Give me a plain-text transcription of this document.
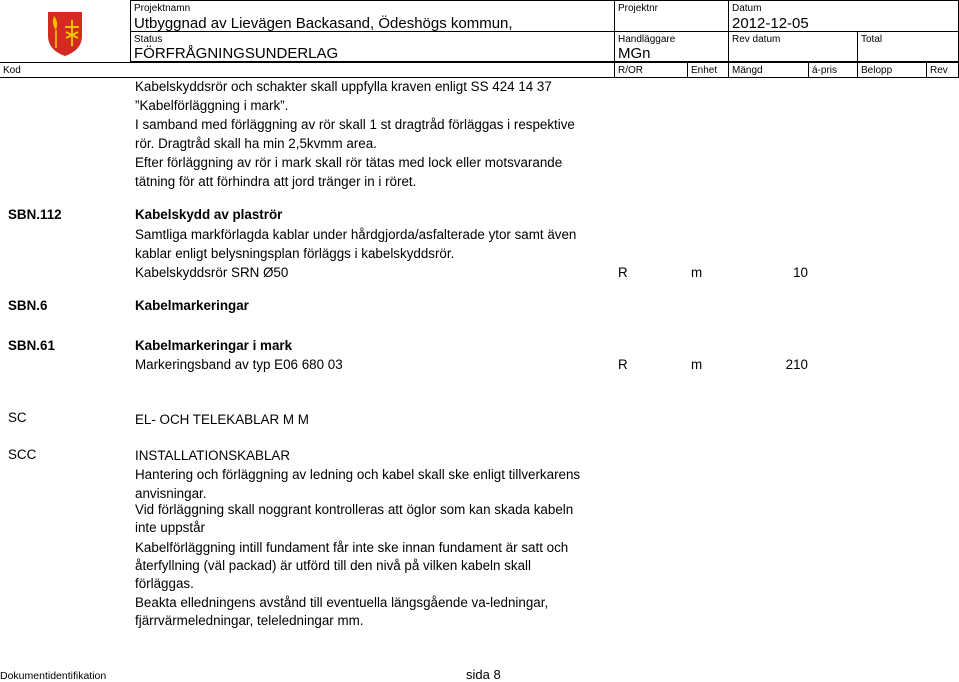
Projektnamn
Utbyggnad av Lievägen Backasand, Ödeshögs kommun,
Projektnr	Datum
2012-12-05
Status
FÖRFRÅGNINGSUNDERLAG
Handläggare
MGn
Rev datum	Total
Kod	R/OR	Enhet Mängd	á-pris Belopp	Rev
Kabelskyddsrör och schakter skall uppfylla kraven enligt SS 424 14 37
”Kabelförläggning i mark”.
I samband med förläggning av rör skall 1 st dragtråd förläggas i respektive
rör. Dragtråd skall ha min 2,5kvmm area.
Efter förläggning av rör i mark skall rör tätas med lock eller motsvarande
tätning för att förhindra att jord tränger in i röret.
SBN.112	Kabelskydd av plaströr
Samtliga markförlagda kablar under hårdgjorda/asfalterade ytor samt även
kablar enligt belysningsplan förläggs i kabelskyddsrör.
Kabelskyddsrör SRN Ø50	R	m	10
SBN.6	Kabelmarkeringar
SBN.61	Kabelmarkeringar i mark
Markeringsband av typ E06 680 03	R	m	210
SC	EL- OCH TELEKABLAR M M
SCC	INSTALLATIONSKABLAR
Hantering och förläggning av ledning och kabel skall ske enligt tillverkarens
anvisningar.
Vid förläggning skall noggrant kontrolleras att öglor som kan skada kabeln
inte uppstår
Kabelförläggning intill fundament får inte ske innan fundament är satt och
återfyllning (väl packad) är utförd till den nivå på vilken kabeln skall
förläggas.
Beakta elledningens avstånd till eventuella längsgående va-ledningar,
fjärrvärmeledningar, teleledningar mm.
Dokumentidentifikation	sida 8
